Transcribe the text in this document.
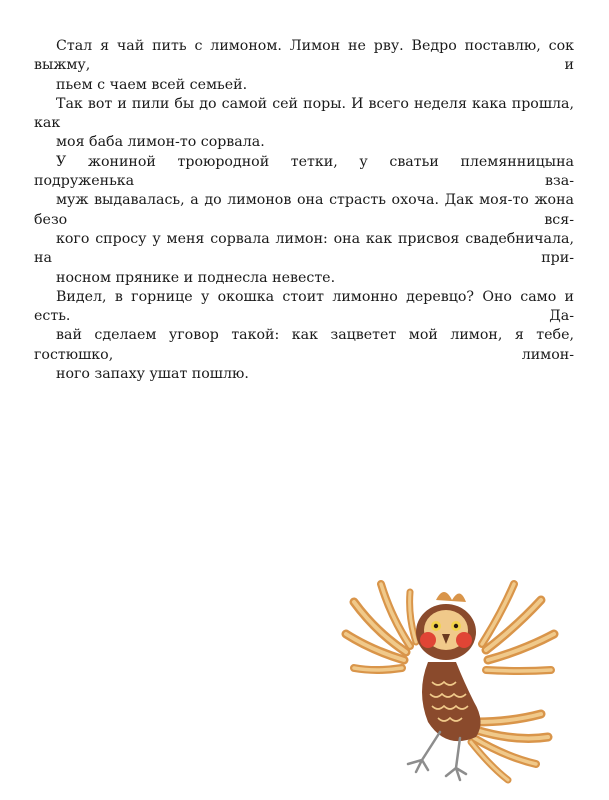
Стал я чай пить с лимоном. Лимон не рву. Ведро поставлю, сок выжму, и
пьем с чаем всей семьей.

Так вот и пили бы до самой сей поры. И всего неделя кака прошла, как
моя баба лимон-то сорвала.

У жониной троюродной тетки, у сватьи племянницына подруженька вза-
муж выдавалась, а до лимонов она страсть охоча. Дак моя-то жона безо вся-
кого спросу у меня сорвала лимон: она как присвоя свадебничала, на при-
носном прянике и поднесла невесте.

Видел, в горнице у окошка стоит лимонно деревцо? Оно само и есть. Да-
вай сделаем уговор такой: как зацветет мой лимон, я тебе, гостюшко, лимон-
ного запаху ушат пошлю.
